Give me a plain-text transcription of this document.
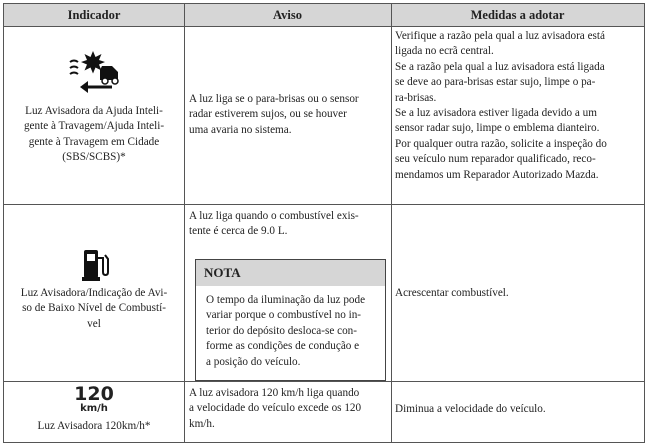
Indicador	Aviso	Medidas a adotar
Luz Avisadora da Ajuda Inteli-
gente à Travagem/Ajuda Inteli-
gente à Travagem em Cidade
(SBS/SCBS)*
A luz liga se o para-brisas ou o sensor
radar estiverem sujos, ou se houver
uma avaria no sistema.
Verifique a razão pela qual a luz avisadora está
ligada no ecrã central.
Se a razão pela qual a luz avisadora está ligada
se deve ao para-brisas estar sujo, limpe o pa-
ra-brisas.
Se a luz avisadora estiver ligada devido a um
sensor radar sujo, limpe o emblema dianteiro.
Por qualquer outra razão, solicite a inspeção do
seu veículo num reparador qualificado, reco-
mendamos um Reparador Autorizado Mazda.
Luz Avisadora/Indicação de Avi-
so de Baixo Nível de Combustí-
vel
A luz liga quando o combustível exis-
tente é cerca de 9.0 L.
NOTA
O tempo da iluminação da luz pode
variar porque o combustível no in-
terior do depósito desloca-se con-
forme as condições de condução e
a posição do veículo.
Acrescentar combustível.
120
km/h
Luz Avisadora 120km/h*
A luz avisadora 120 km/h liga quando
a velocidade do veículo excede os 120
km/h.
Diminua a velocidade do veículo.
